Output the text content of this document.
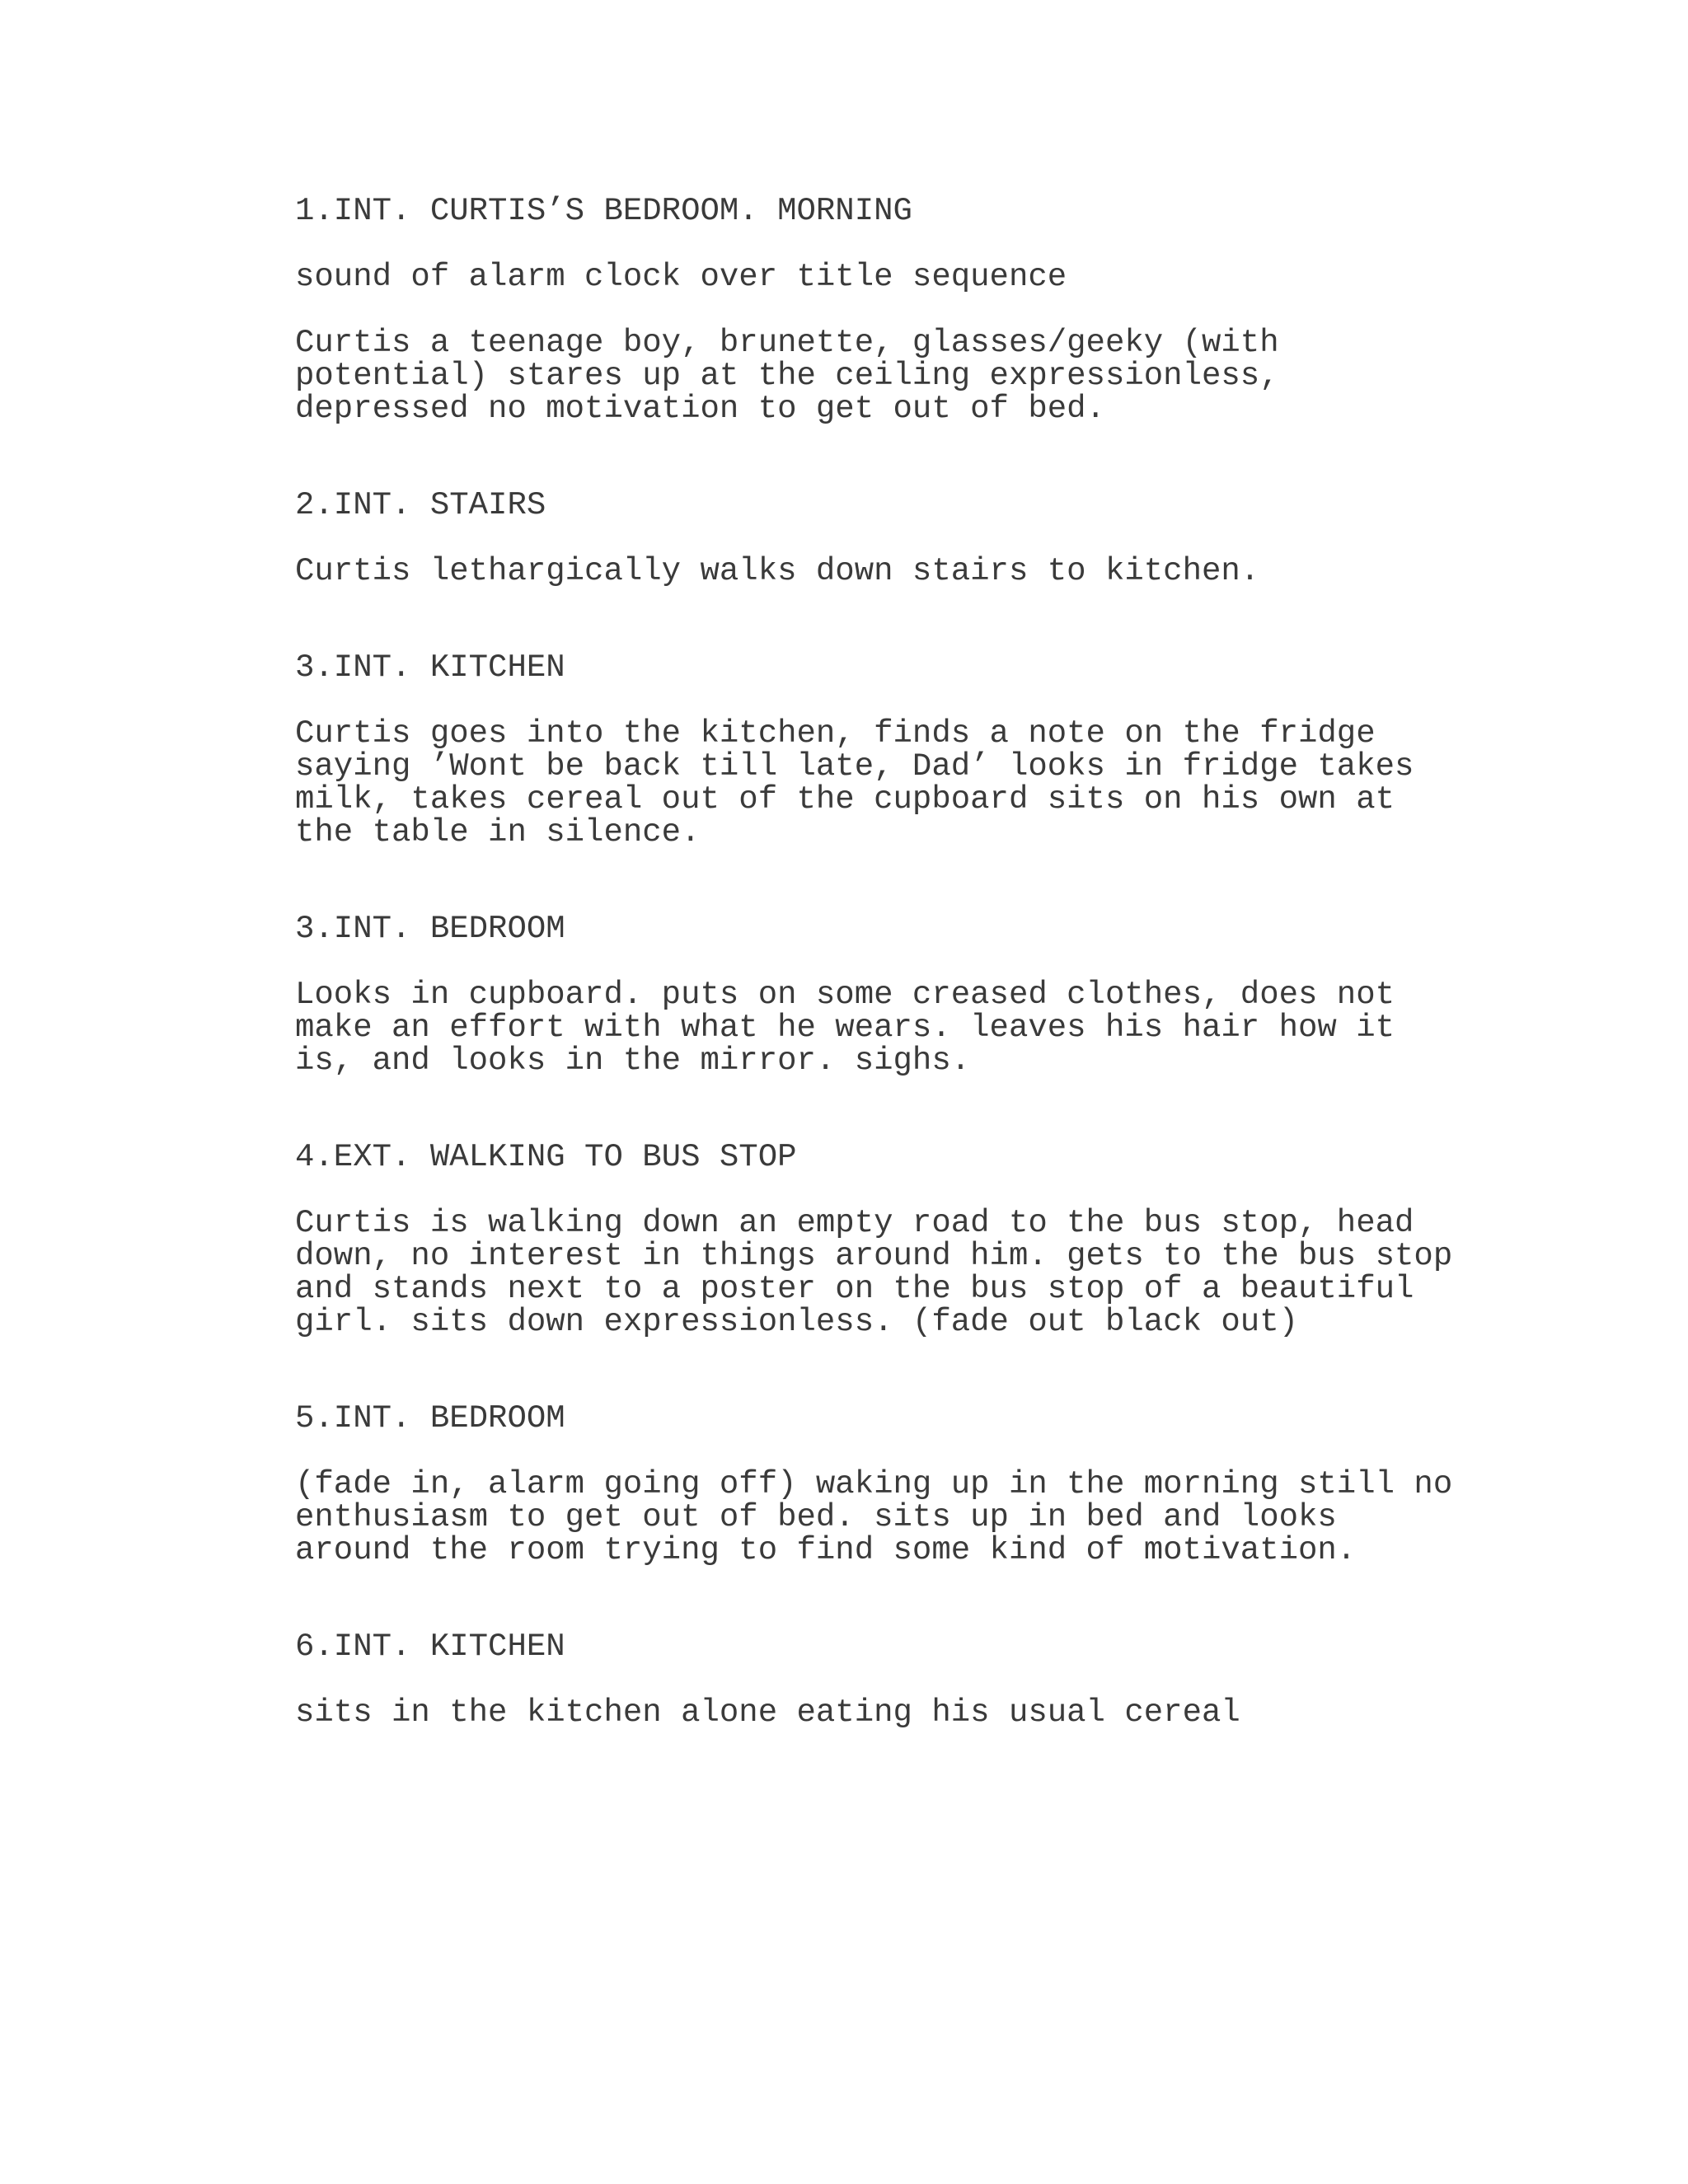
1.INT. CURTIS’S BEDROOM. MORNING
sound of alarm clock over title sequence
Curtis a teenage boy, brunette, glasses/geeky (with
potential) stares up at the ceiling expressionless,
depressed no motivation to get out of bed.
2.INT. STAIRS
Curtis lethargically walks down stairs to kitchen.
3.INT. KITCHEN
Curtis goes into the kitchen, finds a note on the fridge
saying ’Wont be back till late, Dad’ looks in fridge takes
milk, takes cereal out of the cupboard sits on his own at
the table in silence.
3.INT. BEDROOM
Looks in cupboard. puts on some creased clothes, does not
make an effort with what he wears. leaves his hair how it
is, and looks in the mirror. sighs.
4.EXT. WALKING TO BUS STOP
Curtis is walking down an empty road to the bus stop, head
down, no interest in things around him. gets to the bus stop
and stands next to a poster on the bus stop of a beautiful
girl. sits down expressionless. (fade out black out)
5.INT. BEDROOM
(fade in, alarm going off) waking up in the morning still no
enthusiasm to get out of bed. sits up in bed and looks
around the room trying to find some kind of motivation.
6.INT. KITCHEN
sits in the kitchen alone eating his usual cereal
